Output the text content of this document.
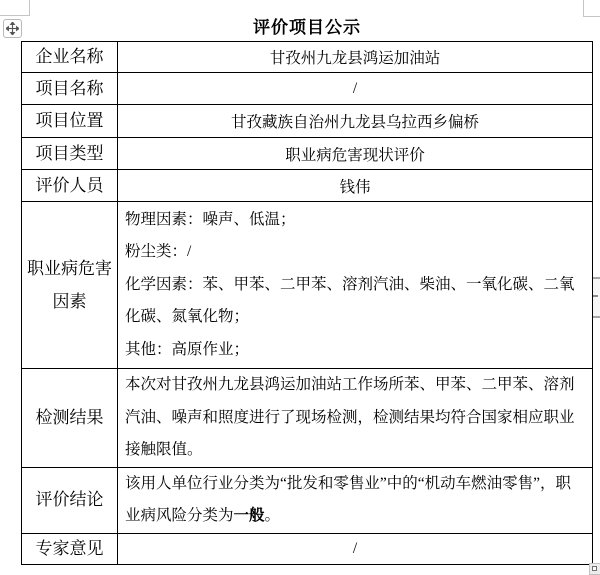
评价项目公示
企业名称	甘孜州九龙县鸿运加油站
项目名称	/
项目位置	甘孜藏族自治州九龙县乌拉西乡偏桥
项目类型	职业病危害现状评价
评价人员	钱伟
职业病危害因素	物理因素：噪声、低温；

粉尘类：/

化学因素：苯、甲苯、二甲苯、溶剂汽油、柴油、一氧化碳、二氧化碳、氮氧化物；

其他：高原作业；

检测结果	本次对甘孜州九龙县鸿运加油站工作场所苯、甲苯、二甲苯、溶剂汽油、噪声和照度进行了现场检测，检测结果均符合国家相应职业接触限值。

评价结论	该用人单位行业分类为“批发和零售业”中的“机动车燃油零售”，职业病风险分类为一般。

专家意见	/
